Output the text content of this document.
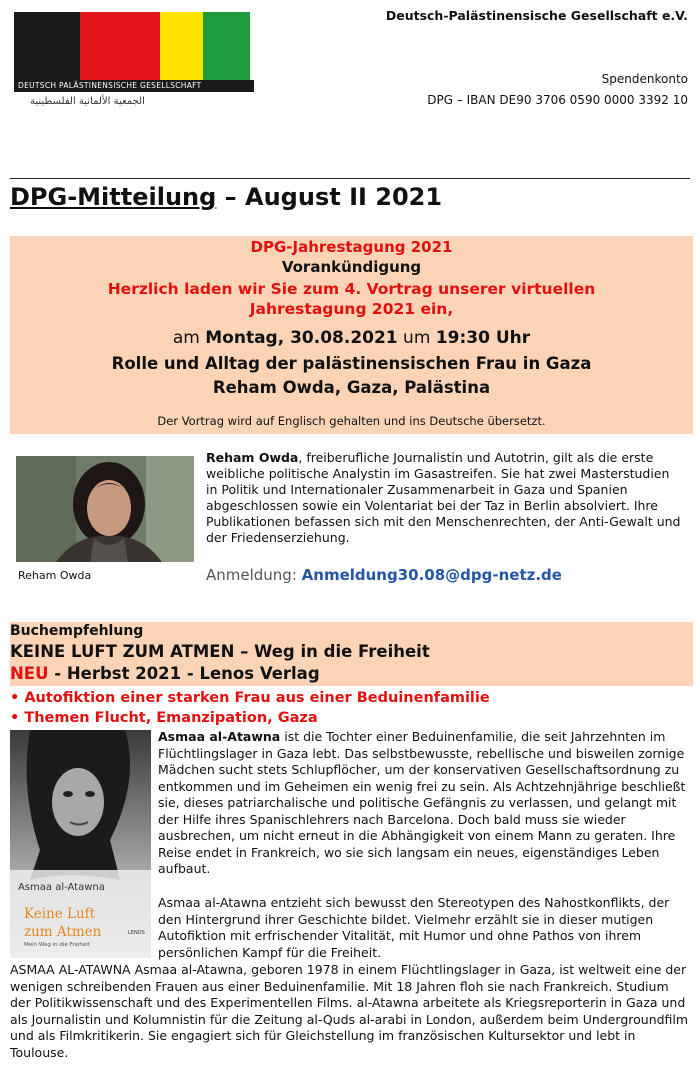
DEUTSCH PALÄSTINENSISCHE GESELLSCHAFT
الجمعية الألمانية الفلسطينية
Deutsch-Palästinensische Gesellschaft e.V.
Spendenkonto
DPG – IBAN DE90 3706 0590 0000 3392 10
DPG-Mitteilung – August II 2021
DPG-Jahrestagung 2021
Vorankündigung
Herzlich laden wir Sie zum 4. Vortrag unserer virtuellen
Jahrestagung 2021 ein,
am Montag, 30.08.2021 um 19:30 Uhr
Rolle und Alltag der palästinensischen Frau in Gaza
Reham Owda, Gaza, Palästina
Der Vortrag wird auf Englisch gehalten und ins Deutsche übersetzt.
Reham Owda
Reham Owda, freiberufliche Journalistin und Autotrin, gilt als die erste weibliche politische Analystin im Gasastreifen. Sie hat zwei Masterstudien in Politik und Internationaler Zusammenarbeit in Gaza und Spanien abgeschlossen sowie ein Volentariat bei der Taz in Berlin absolviert. Ihre Publikationen befassen sich mit den Menschenrechten, der Anti-Gewalt und der Friedenserziehung.
Anmeldung: Anmeldung30.08@dpg-netz.de
Buchempfehlung
KEINE LUFT ZUM ATMEN – Weg in die Freiheit
NEU - Herbst 2021 - Lenos Verlag
• Autofiktion einer starken Frau aus einer Beduinenfamilie
• Themen Flucht, Emanzipation, Gaza
Asmaa al-Atawna
Keine Luft
zum Atmen
Mein Weg in die Freiheit
LENOS
Asmaa al-Atawna ist die Tochter einer Beduinenfamilie, die seit Jahrzehnten im Flüchtlingslager in Gaza lebt. Das selbstbewusste, rebellische und bisweilen zornige Mädchen sucht stets Schlupflöcher, um der konservativen Gesellschaftsordnung zu entkommen und im Geheimen ein wenig frei zu sein. Als Achtzehnjährige beschließt sie, dieses patriarchalische und politische Gefängnis zu verlassen, und gelangt mit der Hilfe ihres Spanischlehrers nach Barcelona. Doch bald muss sie wieder ausbrechen, um nicht erneut in die Abhängigkeit von einem Mann zu geraten. Ihre Reise endet in Frankreich, wo sie sich langsam ein neues, eigenständiges Leben aufbaut.
Asmaa al-Atawna entzieht sich bewusst den Stereotypen des Nahostkonflikts, der den Hintergrund ihrer Geschichte bildet. Vielmehr erzählt sie in dieser mutigen Autofiktion mit erfrischender Vitalität, mit Humor und ohne Pathos von ihrem persönlichen Kampf für die Freiheit.
ASMAA AL-ATAWNA Asmaa al-Atawna, geboren 1978 in einem Flüchtlingslager in Gaza, ist weltweit eine der wenigen schreibenden Frauen aus einer Beduinenfamilie. Mit 18 Jahren floh sie nach Frankreich. Studium der Politikwissenschaft und des Experimentellen Films. al-Atawna arbeitete als Kriegsreporterin in Gaza und als Journalistin und Kolumnistin für die Zeitung al-Quds al-arabi in London, außerdem beim Undergroundfilm und als Filmkritikerin. Sie engagiert sich für Gleichstellung im französischen Kultursektor und lebt in Toulouse.
